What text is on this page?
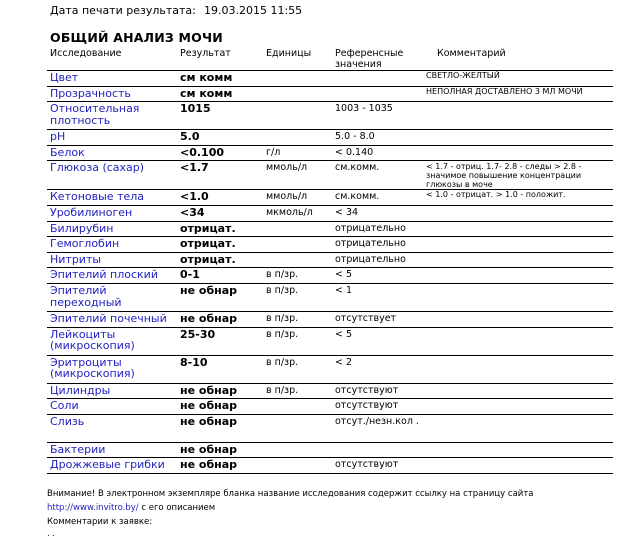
Дата печати результата: 19.03.2015 11:55
ОБЩИЙ АНАЛИЗ МОЧИ
Исследование	Результат	Единицы	Референсные значения	Комментарий
Цвет	см комм			СВЕТЛО-ЖЕЛТЫЙ
Прозрачность	см комм			НЕПОЛНАЯ ДОСТАВЛЕНО 3 МЛ МОЧИ
Относительная плотность	1015		1003 - 1035	
pH	5.0		5.0 - 8.0	
Белок	<0.100	г/л	< 0.140	
Глюкоза (сахар)	<1.7	ммоль/л	см.комм.	< 1.7 - отриц. 1.7- 2.8 - следы > 2.8 - значимое повышение концентрации глюкозы в моче
Кетоновые тела	<1.0	ммоль/л	см.комм.	< 1.0 - отрицат. > 1.0 - положит.
Уробилиноген	<34	мкмоль/л	< 34	
Билирубин	отрицат.		отрицательно	
Гемоглобин	отрицат.		отрицательно	
Нитриты	отрицат.		отрицательно	
Эпителий плоский	0-1	в п/зр.	< 5	
Эпителий переходный	не обнар	в п/зр.	< 1	
Эпителий почечный	не обнар	в п/зр.	отсутствует	
Лейкоциты (микроскопия)	25-30	в п/зр.	< 5	
Эритроциты (микроскопия)	8-10	в п/зр.	< 2	
Цилиндры	не обнар	в п/зр.	отсутствуют	
Соли	не обнар		отсутствуют	
Слизь	не обнар		отсут./незн.кол .	
Бактерии	не обнар			
Дрожжевые грибки	не обнар		отсутствуют	
Внимание! В электронном экземпляре бланка название исследования содержит ссылку на страницу сайта http://www.invitro.by/ с его описанием
Комментарии к заявке:
. .
